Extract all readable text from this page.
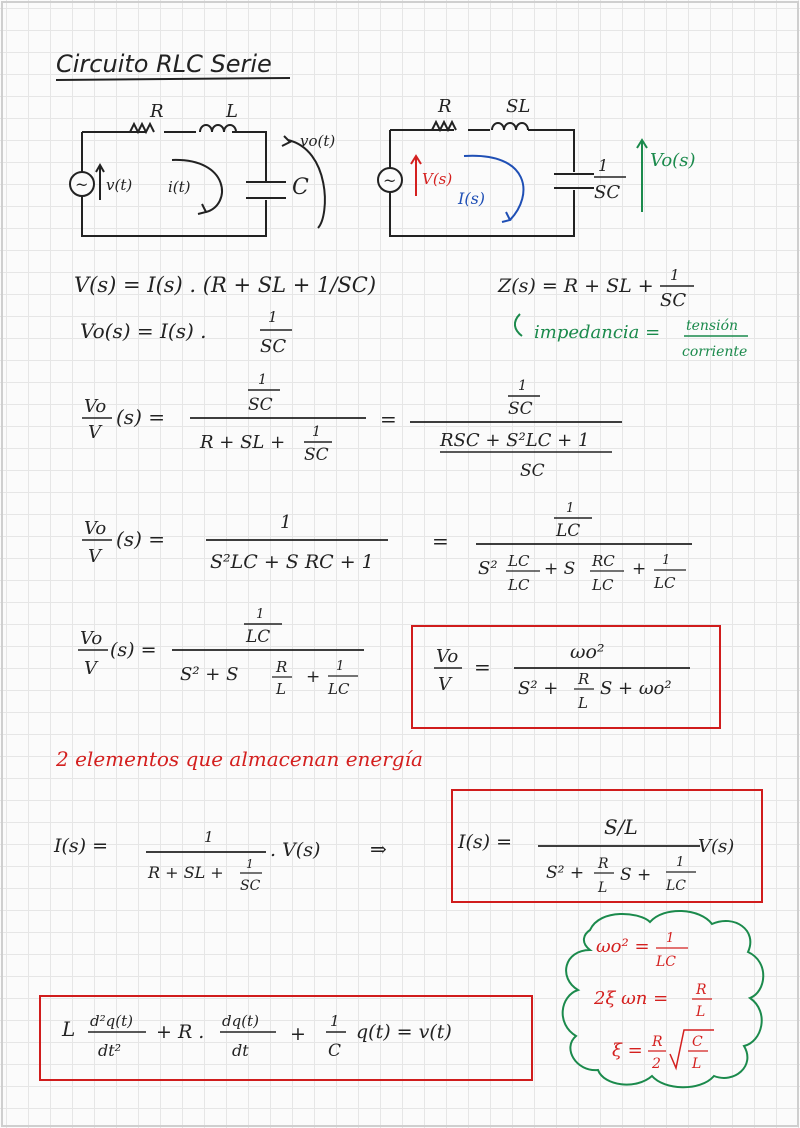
Circuito RLC Serie
R	L
~ v(t) i(t)	C
vo(t)
R	SL
~ V(s)
I(s)
1
SC
Vo(s)
V(s) = I(s) . (R + SL + 1/SC)
Vo(s) = I(s) .
1
SC
Z(s) = R + SL + 1
SC
impedancia = tensión
corriente
Vo
V
(s) =
1
SC
R + SL + 1
SC
=
1
SC
RSC + S²LC + 1
SC
Vo
V
(s) =
1
S²LC + S RC + 1
=
1
LC
S² LC
LC
+ S RC
LC
+ 1
LC
Vo
V
(s) =
1
LC
S² + S	R
L
+
1
LC
Vo
V
=
ωo²
S² + R
L
S + ωo²
2 elementos que almacenan energía
I(s) =	1
R + SL + 1
SC
. V(s) ⇒	I(s) =
S/L
S² + R
L
S +
1
LC
V(s)
ωo² = 1
LC
2ξ ωn = R
L
ξ = R
2
C
L
L d²q(t)
dt²
+ R . dq(t)
dt
+
1
C
q(t) = v(t)
